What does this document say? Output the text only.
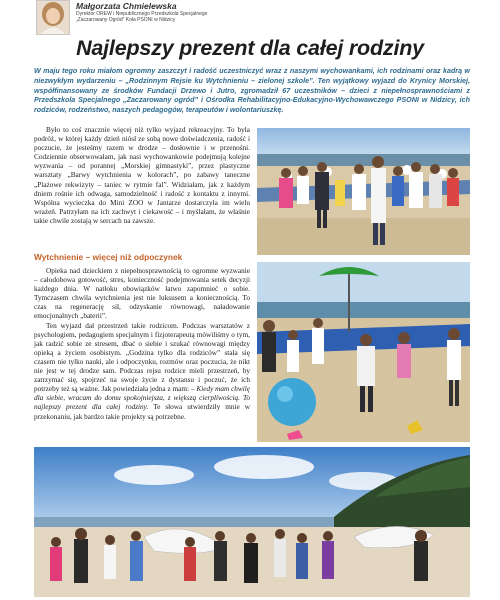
Małgorzata Chmielewska
Dyrektor OREW i Niepublicznego Przedszkola Specjalnego
„Zaczarowany Ogród” Koła PSONI w Nidzicy
Najlepszy prezent dla całej rodziny

W maju tego roku miałom ogromny zaszczyt i radość uczestniczyć wraz z naszymi wychowankami, ich rodzinami oraz kadrą w niezwykłym wydarzeniu – „Rodzinnym Rejsie ku Wytchnieniu – zielonej szkole”. Ten wyjątkowy wyjazd do Krynicy Morskiej, współfinansowany ze środków Fundacji Drzewo i Jutro, zgromadził 67 uczestników – dzieci z niepełnosprawnościami z Przedszkola Specjalnego „Zaczarowany ogród” i Ośrodka Rehabilitacyjno-Edukacyjno-Wychowawczego PSONI w Nidzicy, ich rodziców, rodzeństwo, naszych pedagogów, terapeutów i wolontariuszkę.

Było to coś znacznie więcej niż tylko wyjazd rekreacyjny. To była podróż, w której każdy dzień niósł ze sobą nowe doświadczenia, radość i poczucie, że jesteśmy razem w drodze – dosłownie i w przenośni. Codziennie obserwowałam, jak nasi wychowankowie podejmują kolejne wyzwania – od porannej „Morskiej gimnastyki”, przez plastyczne warsztaty „Barwy wytchnienia w kolorach”, po zabawy taneczne „Plażowe rekwizyty – taniec w rytmie fal”. Widziałam, jak z każdym dniem rośnie ich odwaga, samodzielność i radość z kontaktu z innymi. Wspólna wycieczka do Mini ZOO w Jantarze dostarczyła im wielu wrażeń. Patrzyłam na ich zachwyt i ciekawość – i myślałam, że właśnie takie chwile zostają w sercach na zawsze.

Wytchnienie – więcej niż odpoczynek

Opieka nad dzieckiem z niepełnosprawnością to ogromne wyzwanie – całodobowa gotowość, stres, konieczność podejmowania setek decyzji każdego dnia. W natłoku obowiązków łatwo zapomnieć o sobie. Tymczasem chwila wytchnienia jest nie luksusem a koniecznością. To czas na regenerację sił, odzyskanie równowagi, naładowanie emocjonalnych „baterii”.

Ten wyjazd dał przestrzeń takie rodzicom. Podczas warsztatów z psychologiem, pedagogiem specjalnym i fizjoterapeutą mówiliśmy o tym, jak radzić sobie ze stresem, dbać o siebie i szukać równowagi między opieką a życiem osobistym. „Godzina tylko dla rodziców” stała się czasem nie tylko nauki, ale i odpoczynku, rozmów oraz poczucia, że nikt nie jest w tej drodze sam. Podczas rejsu rodzice mieli przestrzeń, by zatrzymać się, spojrzeć na swoje życie z dystansu i poczuć, że ich potrzeby też są ważne. Jak powiedziała jedna z mam: – Kiedy mam chwilę dla siebie, wracam do domu spokojniejsza, z większą cierpliwością. To najlepszy prezent dla całej rodziny. Te słowa utwierdziły mnie w przekonaniu, jak bardzo takie projekty są potrzebne.
